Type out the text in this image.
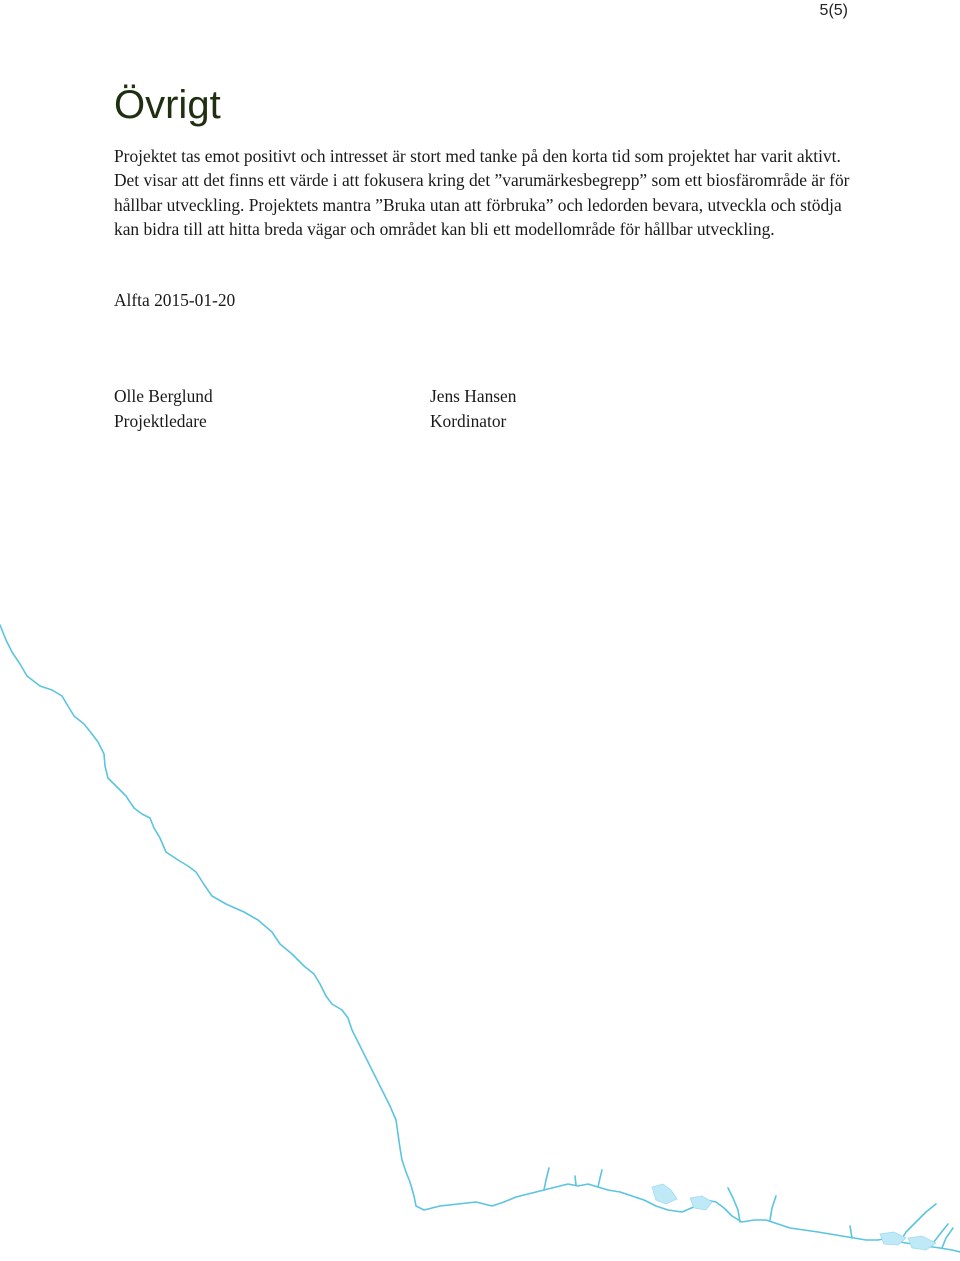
5(5)
Övrigt

Projektet tas emot positivt och intresset är stort med tanke på den korta tid som projektet har varit aktivt. Det visar att det finns ett värde i att fokusera kring det ”varumärkesbegrepp” som ett biosfärområde är för hållbar utveckling. Projektets mantra ”Bruka utan att förbruka” och ledorden bevara, utveckla och stödja kan bidra till att hitta breda vägar och området kan bli ett modellområde för hållbar utveckling.

Alfta 2015-01-20

Olle Berglund
Projektledare
Jens Hansen
Kordinator
